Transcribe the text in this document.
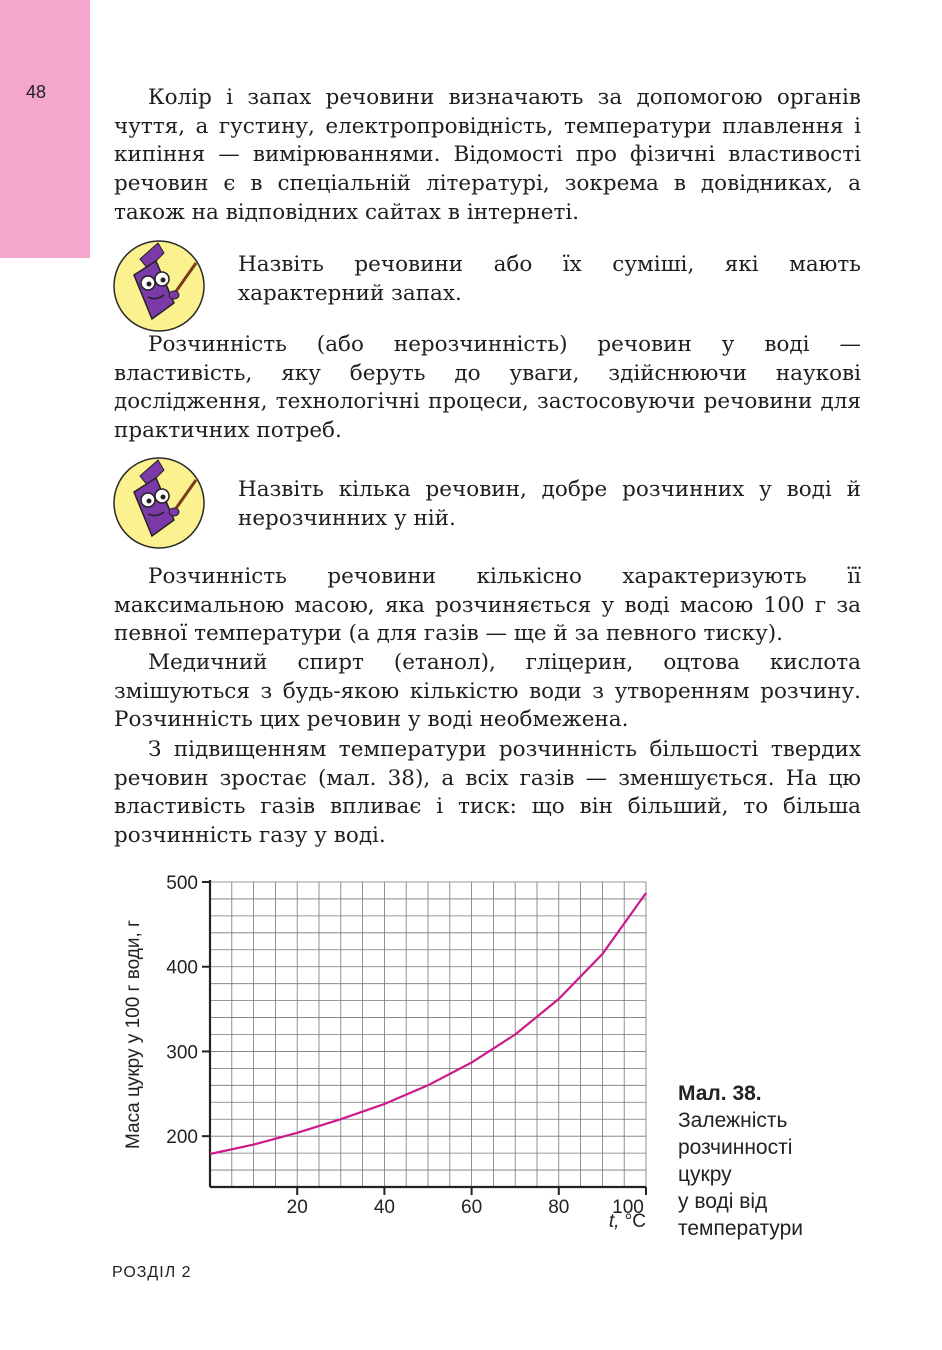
48	Колір і запах речовини визначають за допомогою органів чуття, а густину, електропровідність, температури плавлення і кипіння — вимірюваннями. Відомості про фізичні властивості речовин є в спеціальній літературі, зокрема в довідниках, а також на відповідних сайтах в інтернеті.

Назвіть речовини або їх суміші, які мають характерний запах.

Розчинність (або нерозчинність) речовин у воді — властивість, яку беруть до уваги, здійснюючи наукові дослідження, технологічні процеси, застосовуючи речовини для практичних потреб.

Назвіть кілька речовин, добре розчинних у воді й нерозчинних у ній.

Розчинність речовини кількісно характеризують її максимальною масою, яка розчиняється у воді масою 100 г за певної температури (а для газів — ще й за певного тиску).

Медичний спирт (етанол), гліцерин, оцтова кислота змішуються з будь-якою кількістю води з утворенням розчину. Розчинність цих речовин у воді необмежена.

З підвищенням температури розчинність більшості твердих речовин зростає (мал. 38), а всіх газів — зменшується. На цю властивість газів впливає і тиск: що він більший, то більша розчинність газу у воді.

20	40	60	80 100
200
300
400
500
Маса цукру у 100 г води, г
t, °C
Мал. 38.
Залежність
розчинності
цукру
у воді від
температури
РОЗДІЛ 2
